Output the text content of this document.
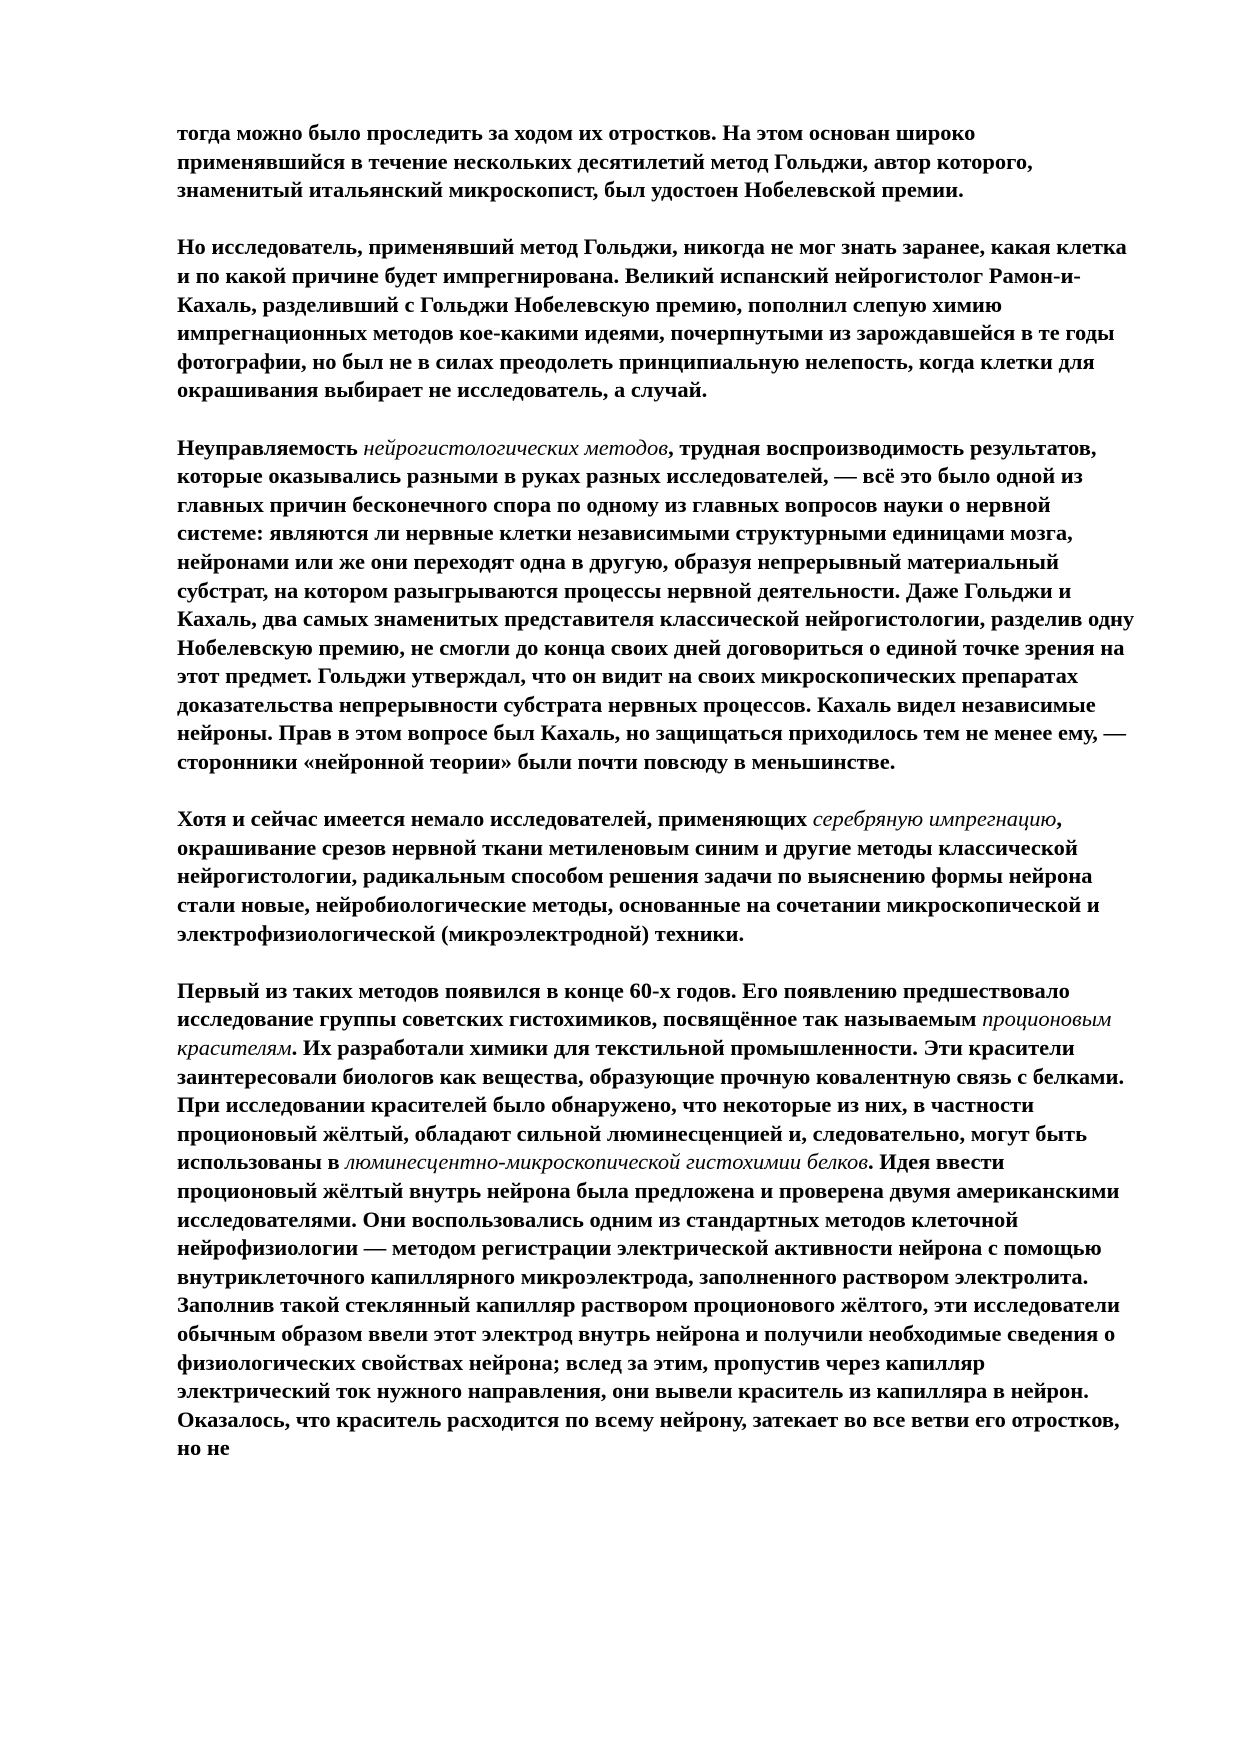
тогда можно было проследить за ходом их отростков. На этом основан широко применявшийся в течение нескольких десятилетий метод Гольджи, автор которого, знаменитый итальянский микроскопист, был удостоен Нобелевской премии.

Но исследователь, применявший метод Гольджи, никогда не мог знать заранее, какая клетка и по какой причине будет импрегнирована. Великий испанский нейрогистолог Рамон-и-Кахаль, разделивший с Гольджи Нобелевскую премию, пополнил слепую химию импрегнационных методов кое-какими идеями, почерпнутыми из зарождавшейся в те годы фотографии, но был не в силах преодолеть принципиальную нелепость, когда клетки для окрашивания выбирает не исследователь, а случай.

Неуправляемость нейрогистологических методов, трудная воспроизводимость результатов, которые оказывались разными в руках разных исследователей, — всё это было одной из главных причин бесконечного спора по одному из главных вопросов науки о нервной системе: являются ли нервные клетки независимыми структурными единицами мозга, нейронами или же они переходят одна в другую, образуя непрерывный материальный субстрат, на котором разыгрываются процессы нервной деятельности. Даже Гольджи и Кахаль, два самых знаменитых представителя классической нейрогистологии, разделив одну Нобелевскую премию, не смогли до конца своих дней договориться о единой точке зрения на этот предмет. Гольджи утверждал, что он видит на своих микроскопических препаратах доказательства непрерывности субстрата нервных процессов. Кахаль видел независимые нейроны. Прав в этом вопросе был Кахаль, но защищаться приходилось тем не менее ему, — сторонники «нейронной теории» были почти повсюду в меньшинстве.

Хотя и сейчас имеется немало исследователей, применяющих серебряную импрегнацию, окрашивание срезов нервной ткани метиленовым синим и другие методы классической нейрогистологии, радикальным способом решения задачи по выяснению формы нейрона стали новые, нейробиологические методы, основанные на сочетании микроскопической и электрофизиологической (микроэлектродной) техники.

Первый из таких методов появился в конце 60-х годов. Его появлению предшествовало исследование группы советских гистохимиков, посвящённое так называемым проционовым красителям. Их разработали химики для текстильной промышленности. Эти красители заинтересовали биологов как вещества, образующие прочную ковалентную связь с белками. При исследовании красителей было обнаружено, что некоторые из них, в частности проционовый жёлтый, обладают сильной люминесценцией и, следовательно, могут быть использованы в люминесцентно-микроскопической гистохимии белков. Идея ввести проционовый жёлтый внутрь нейрона была предложена и проверена двумя американскими исследователями. Они воспользовались одним из стандартных методов клеточной нейрофизиологии — методом регистрации электрической активности нейрона с помощью внутриклеточного капиллярного микроэлектрода, заполненного раствором электролита. Заполнив такой стеклянный капилляр раствором проционового жёлтого, эти исследователи обычным образом ввели этот электрод внутрь нейрона и получили необходимые сведения о физиологических свойствах нейрона; вслед за этим, пропустив через капилляр электрический ток нужного направления, они вывели краситель из капилляра в нейрон. Оказалось, что краситель расходится по всему нейрону, затекает во все ветви его отростков, но не
